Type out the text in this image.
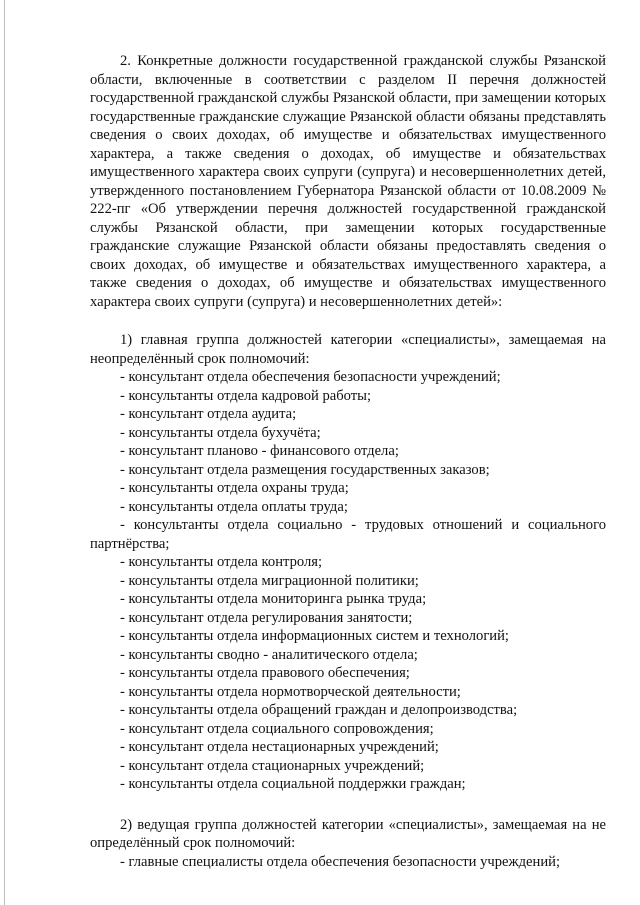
2. Конкретные должности государственной гражданской службы Рязанской области, включенные в соответствии с разделом II перечня должностей государственной гражданской службы Рязанской области, при замещении которых государственные гражданские служащие Рязанской области обязаны представлять сведения о своих доходах, об имуществе и обязательствах имущественного характера, а также сведения о доходах, об имуществе и обязательствах имущественного характера своих супруги (супруга) и несовершеннолетних детей, утвержденного постановлением Губернатора Рязанской области от 10.08.2009 № 222-пг «Об утверждении перечня должностей государственной гражданской службы Рязанской области, при замещении которых государственные гражданские служащие Рязанской области обязаны предоставлять сведения о своих доходах, об имуществе и обязательствах имущественного характера, а также сведения о доходах, об имуществе и обязательствах имущественного характера своих супруги (супруга) и несовершеннолетних детей»:

1) главная группа должностей категории «специалисты», замещаемая на неопределённый срок полномочий:

- консультант отдела обеспечения безопасности учреждений;
- консультанты отдела кадровой работы;
- консультант отдела аудита;
- консультанты отдела бухучёта;
- консультант планово - финансового отдела;
- консультант отдела размещения государственных заказов;
- консультанты отдела охраны труда;
- консультанты отдела оплаты труда;
- консультанты отдела социально - трудовых отношений и социального партнёрства;
- консультанты отдела контроля;
- консультанты отдела миграционной политики;
- консультанты отдела мониторинга рынка труда;
- консультант отдела регулирования занятости;
- консультанты отдела информационных систем и технологий;
- консультанты сводно - аналитического отдела;
- консультанты отдела правового обеспечения;
- консультанты отдела нормотворческой деятельности;
- консультанты отдела обращений граждан и делопроизводства;
- консультант отдела социального сопровождения;
- консультант отдела нестационарных учреждений;
- консультант отдела стационарных учреждений;
- консультанты отдела социальной поддержки граждан;

2) ведущая группа должностей категории «специалисты», замещаемая на не определённый срок полномочий:

- главные специалисты отдела обеспечения безопасности учреждений;
